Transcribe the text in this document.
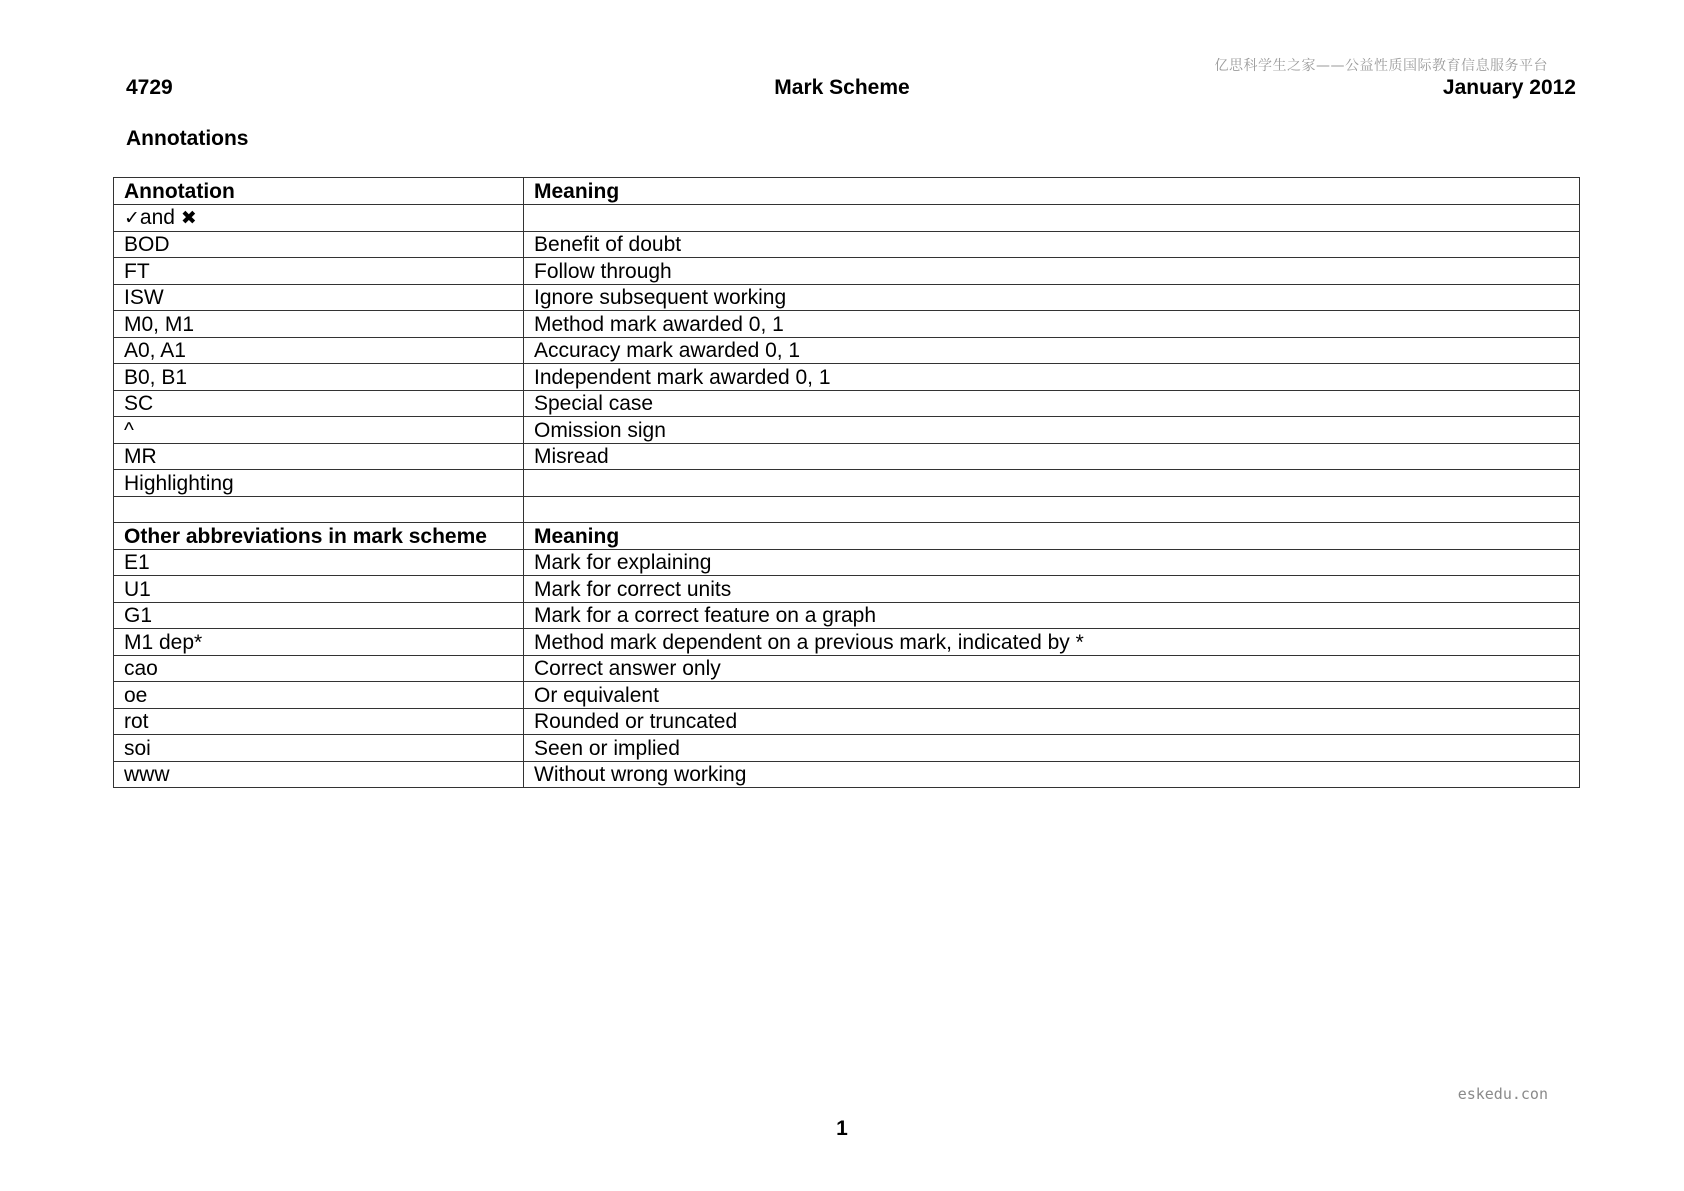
亿思科学生之家——公益性质国际教育信息服务平台
4729	Mark Scheme	January 2012
Annotations
Annotation	Meaning
✓and ✖	
BOD	Benefit of doubt
FT	Follow through
ISW	Ignore subsequent working
M0, M1	Method mark awarded 0, 1
A0, A1	Accuracy mark awarded 0, 1
B0, B1	Independent mark awarded 0, 1
SC	Special case
^	Omission sign
MR	Misread
Highlighting	

Other abbreviations in mark scheme	Meaning
E1	Mark for explaining
U1	Mark for correct units
G1	Mark for a correct feature on a graph
M1 dep*	Method mark dependent on a previous mark, indicated by *
cao	Correct answer only
oe	Or equivalent
rot	Rounded or truncated
soi	Seen or implied
www	Without wrong working
eskedu.con
1
